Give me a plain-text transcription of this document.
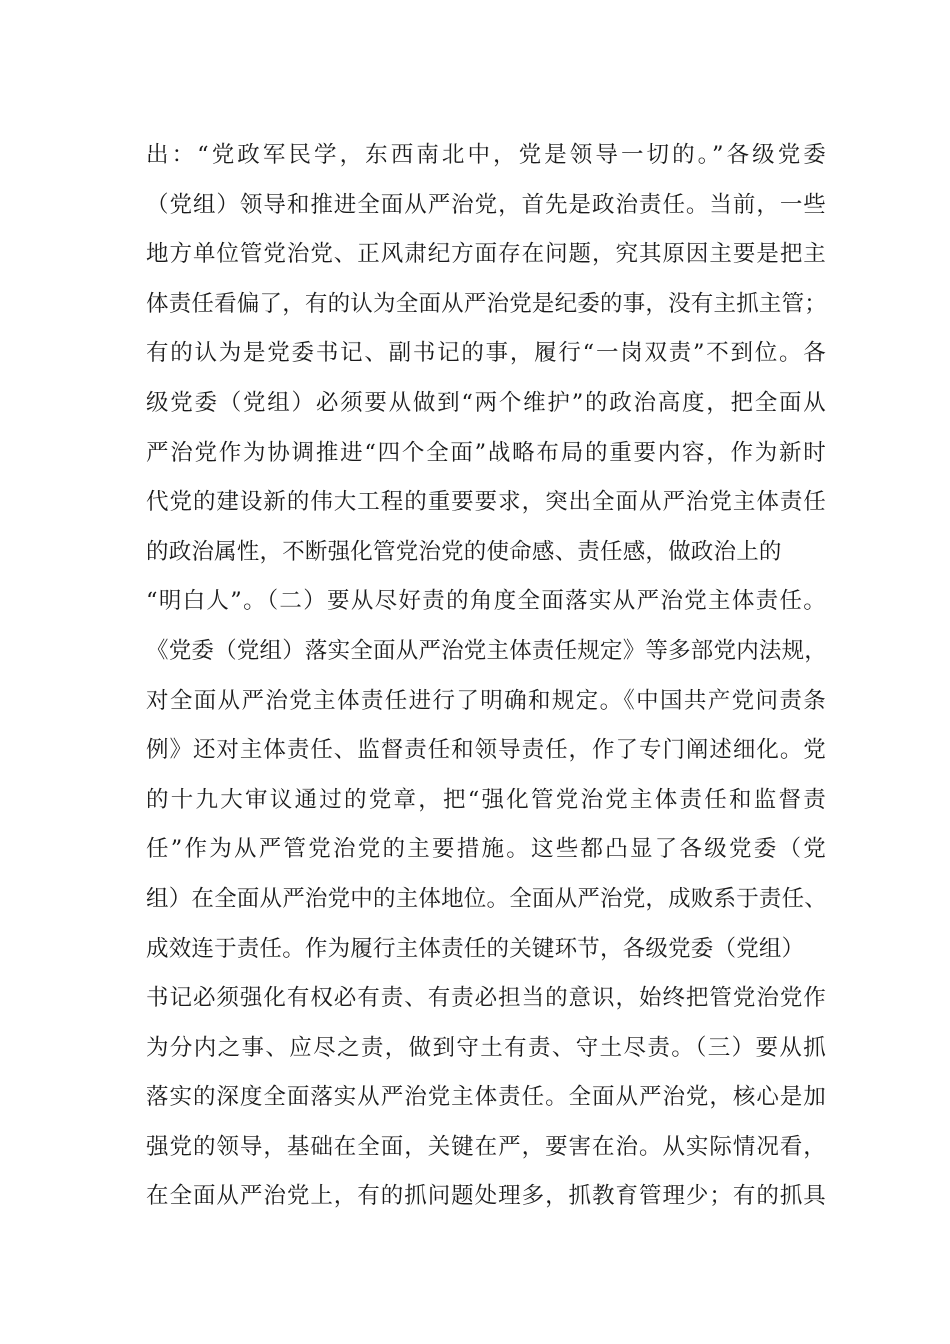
出：“党政军民学，东西南北中，党是领导一切的。”各级党委
（党组）领导和推进全面从严治党，首先是政治责任。当前，一些
地方单位管党治党、正风肃纪方面存在问题，究其原因主要是把主
体责任看偏了，有的认为全面从严治党是纪委的事，没有主抓主管；
有的认为是党委书记、副书记的事，履行“一岗双责”不到位。各
级党委（党组）必须要从做到“两个维护”的政治高度，把全面从
严治党作为协调推进“四个全面”战略布局的重要内容，作为新时
代党的建设新的伟大工程的重要要求，突出全面从严治党主体责任
的政治属性，不断强化管党治党的使命感、责任感，做政治上的
“明白人”。（二）要从尽好责的角度全面落实从严治党主体责任。
《党委（党组）落实全面从严治党主体责任规定》等多部党内法规，
对全面从严治党主体责任进行了明确和规定。《中国共产党问责条
例》还对主体责任、监督责任和领导责任，作了专门阐述细化。党
的十九大审议通过的党章，把“强化管党治党主体责任和监督责
任”作为从严管党治党的主要措施。这些都凸显了各级党委（党
组）在全面从严治党中的主体地位。全面从严治党，成败系于责任、
成效连于责任。作为履行主体责任的关键环节，各级党委（党组）
书记必须强化有权必有责、有责必担当的意识，始终把管党治党作
为分内之事、应尽之责，做到守土有责、守土尽责。（三）要从抓
落实的深度全面落实从严治党主体责任。全面从严治党，核心是加
强党的领导，基础在全面，关键在严，要害在治。从实际情况看，
在全面从严治党上，有的抓问题处理多，抓教育管理少；有的抓具
